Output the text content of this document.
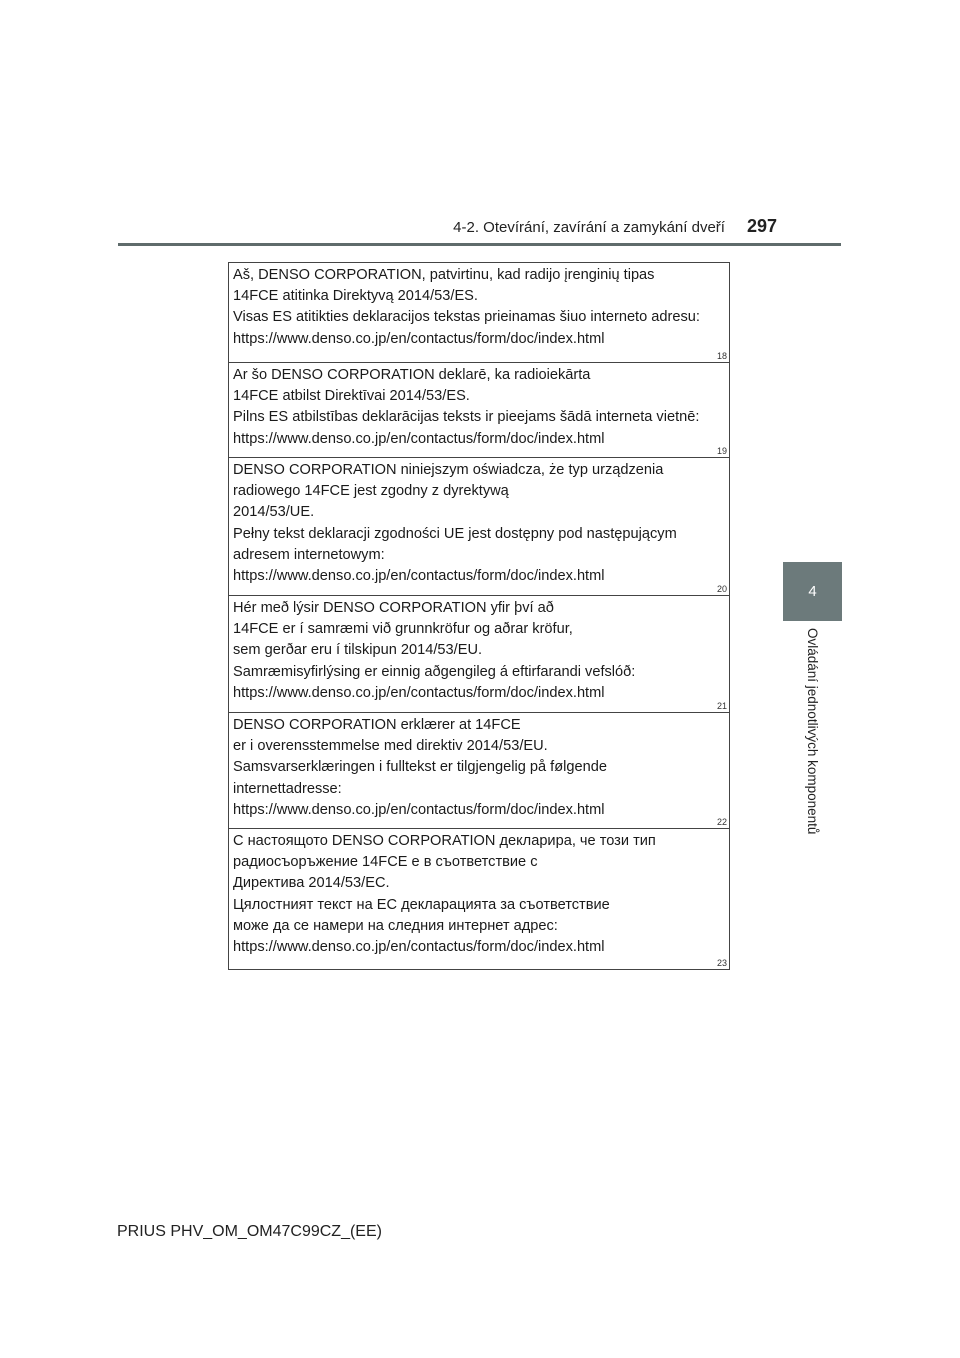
4-2. Otevírání, zavírání a zamykání dveří 297
4
Ovládání jednotlivých komponentů
Aš, DENSO CORPORATION, patvirtinu, kad radijo įrenginių tipas
14FCE atitinka Direktyvą 2014/53/ES.
Visas ES atitikties deklaracijos tekstas prieinamas šiuo interneto adresu:
https://www.denso.co.jp/en/contactus/form/doc/index.html
18
Ar šo DENSO CORPORATION deklarē, ka radioiekārta
14FCE atbilst Direktīvai 2014/53/ES.
Pilns ES atbilstības deklarācijas teksts ir pieejams šādā interneta vietnē:
https://www.denso.co.jp/en/contactus/form/doc/index.html
19
DENSO CORPORATION niniejszym oświadcza, że typ urządzenia
radiowego 14FCE jest zgodny z dyrektywą
2014/53/UE.
Pełny tekst deklaracji zgodności UE jest dostępny pod następującym
adresem internetowym:
https://www.denso.co.jp/en/contactus/form/doc/index.html
20
Hér með lýsir DENSO CORPORATION yfir því að
14FCE er í samræmi við grunnkröfur og aðrar kröfur,
sem gerðar eru í tilskipun 2014/53/EU.
Samræmisyfirlýsing er einnig aðgengileg á eftirfarandi vefslóð:
https://www.denso.co.jp/en/contactus/form/doc/index.html
21
DENSO CORPORATION erklærer at 14FCE
er i overensstemmelse med direktiv 2014/53/EU.
Samsvarserklæringen i fulltekst er tilgjengelig på følgende
internettadresse:
https://www.denso.co.jp/en/contactus/form/doc/index.html
22
С настоящото DENSO CORPORATION декларира, че този тип
радиосъоръжение 14FCE е в съответствие с
Директива 2014/53/ЕС.
Цялостният текст на ЕС декларацията за съответствие
може да се намери на следния интернет адрес:
https://www.denso.co.jp/en/contactus/form/doc/index.html
23
PRIUS PHV_OM_OM47C99CZ_(EE)
